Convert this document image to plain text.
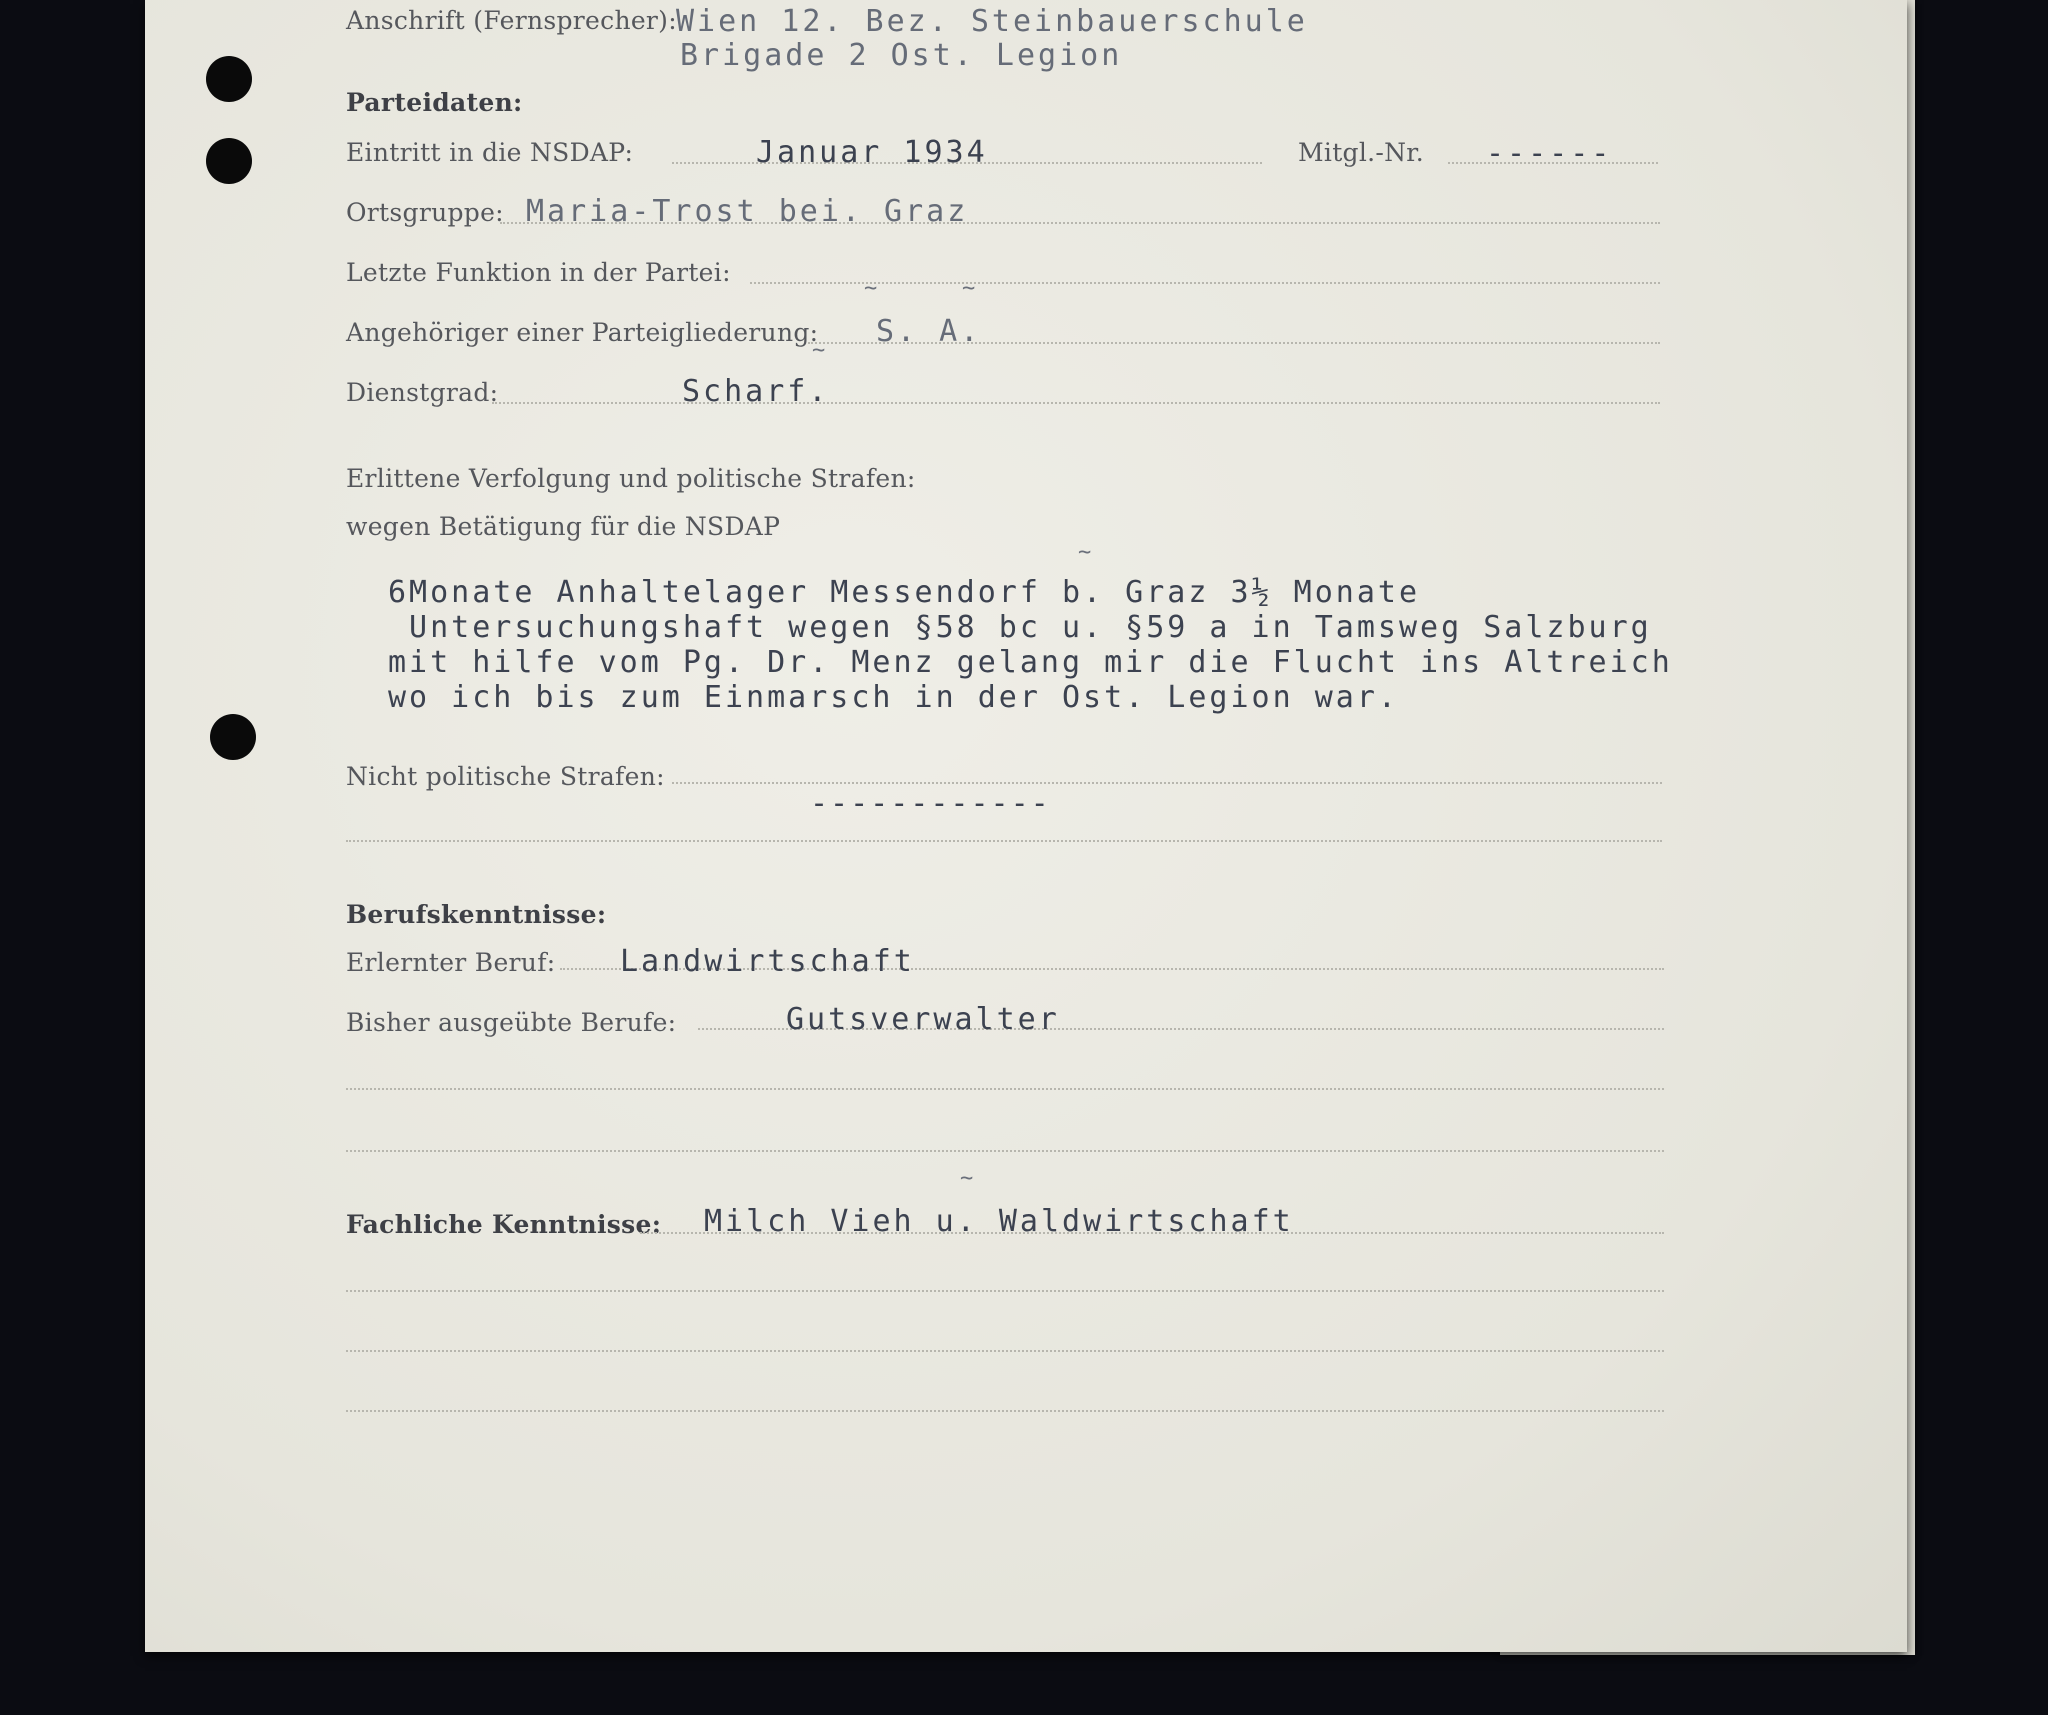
Anschrift (Fernsprecher): Wien 12. Bez. Steinbauerschule
Brigade 2 Ost. Legion
Parteidaten:
Eintritt in die NSDAP:	Januar 1934	Mitgl.-Nr. ------
Ortsgruppe: Maria-Trost bei. Graz
Letzte Funktion in der Partei:
~	~
Angehöriger einer Parteigliederung: S. A.
~
Dienstgrad:	Scharf.
Erlittene Verfolgung und politische Strafen:
wegen Betätigung für die NSDAP
~
6Monate Anhaltelager Messendorf b. Graz 3½ Monate
Untersuchungshaft wegen §58 bc u. §59 a in Tamsweg Salzburg
mit hilfe vom Pg. Dr. Menz gelang mir die Flucht ins Altreich
wo ich bis zum Einmarsch in der Ost. Legion war.
Nicht politische Strafen:
------------
Berufskenntnisse:
Erlernter Beruf: Landwirtschaft
Bisher ausgeübte Berufe:	Gutsverwalter
~
Fachliche Kenntnisse: Milch Vieh u. Waldwirtschaft
